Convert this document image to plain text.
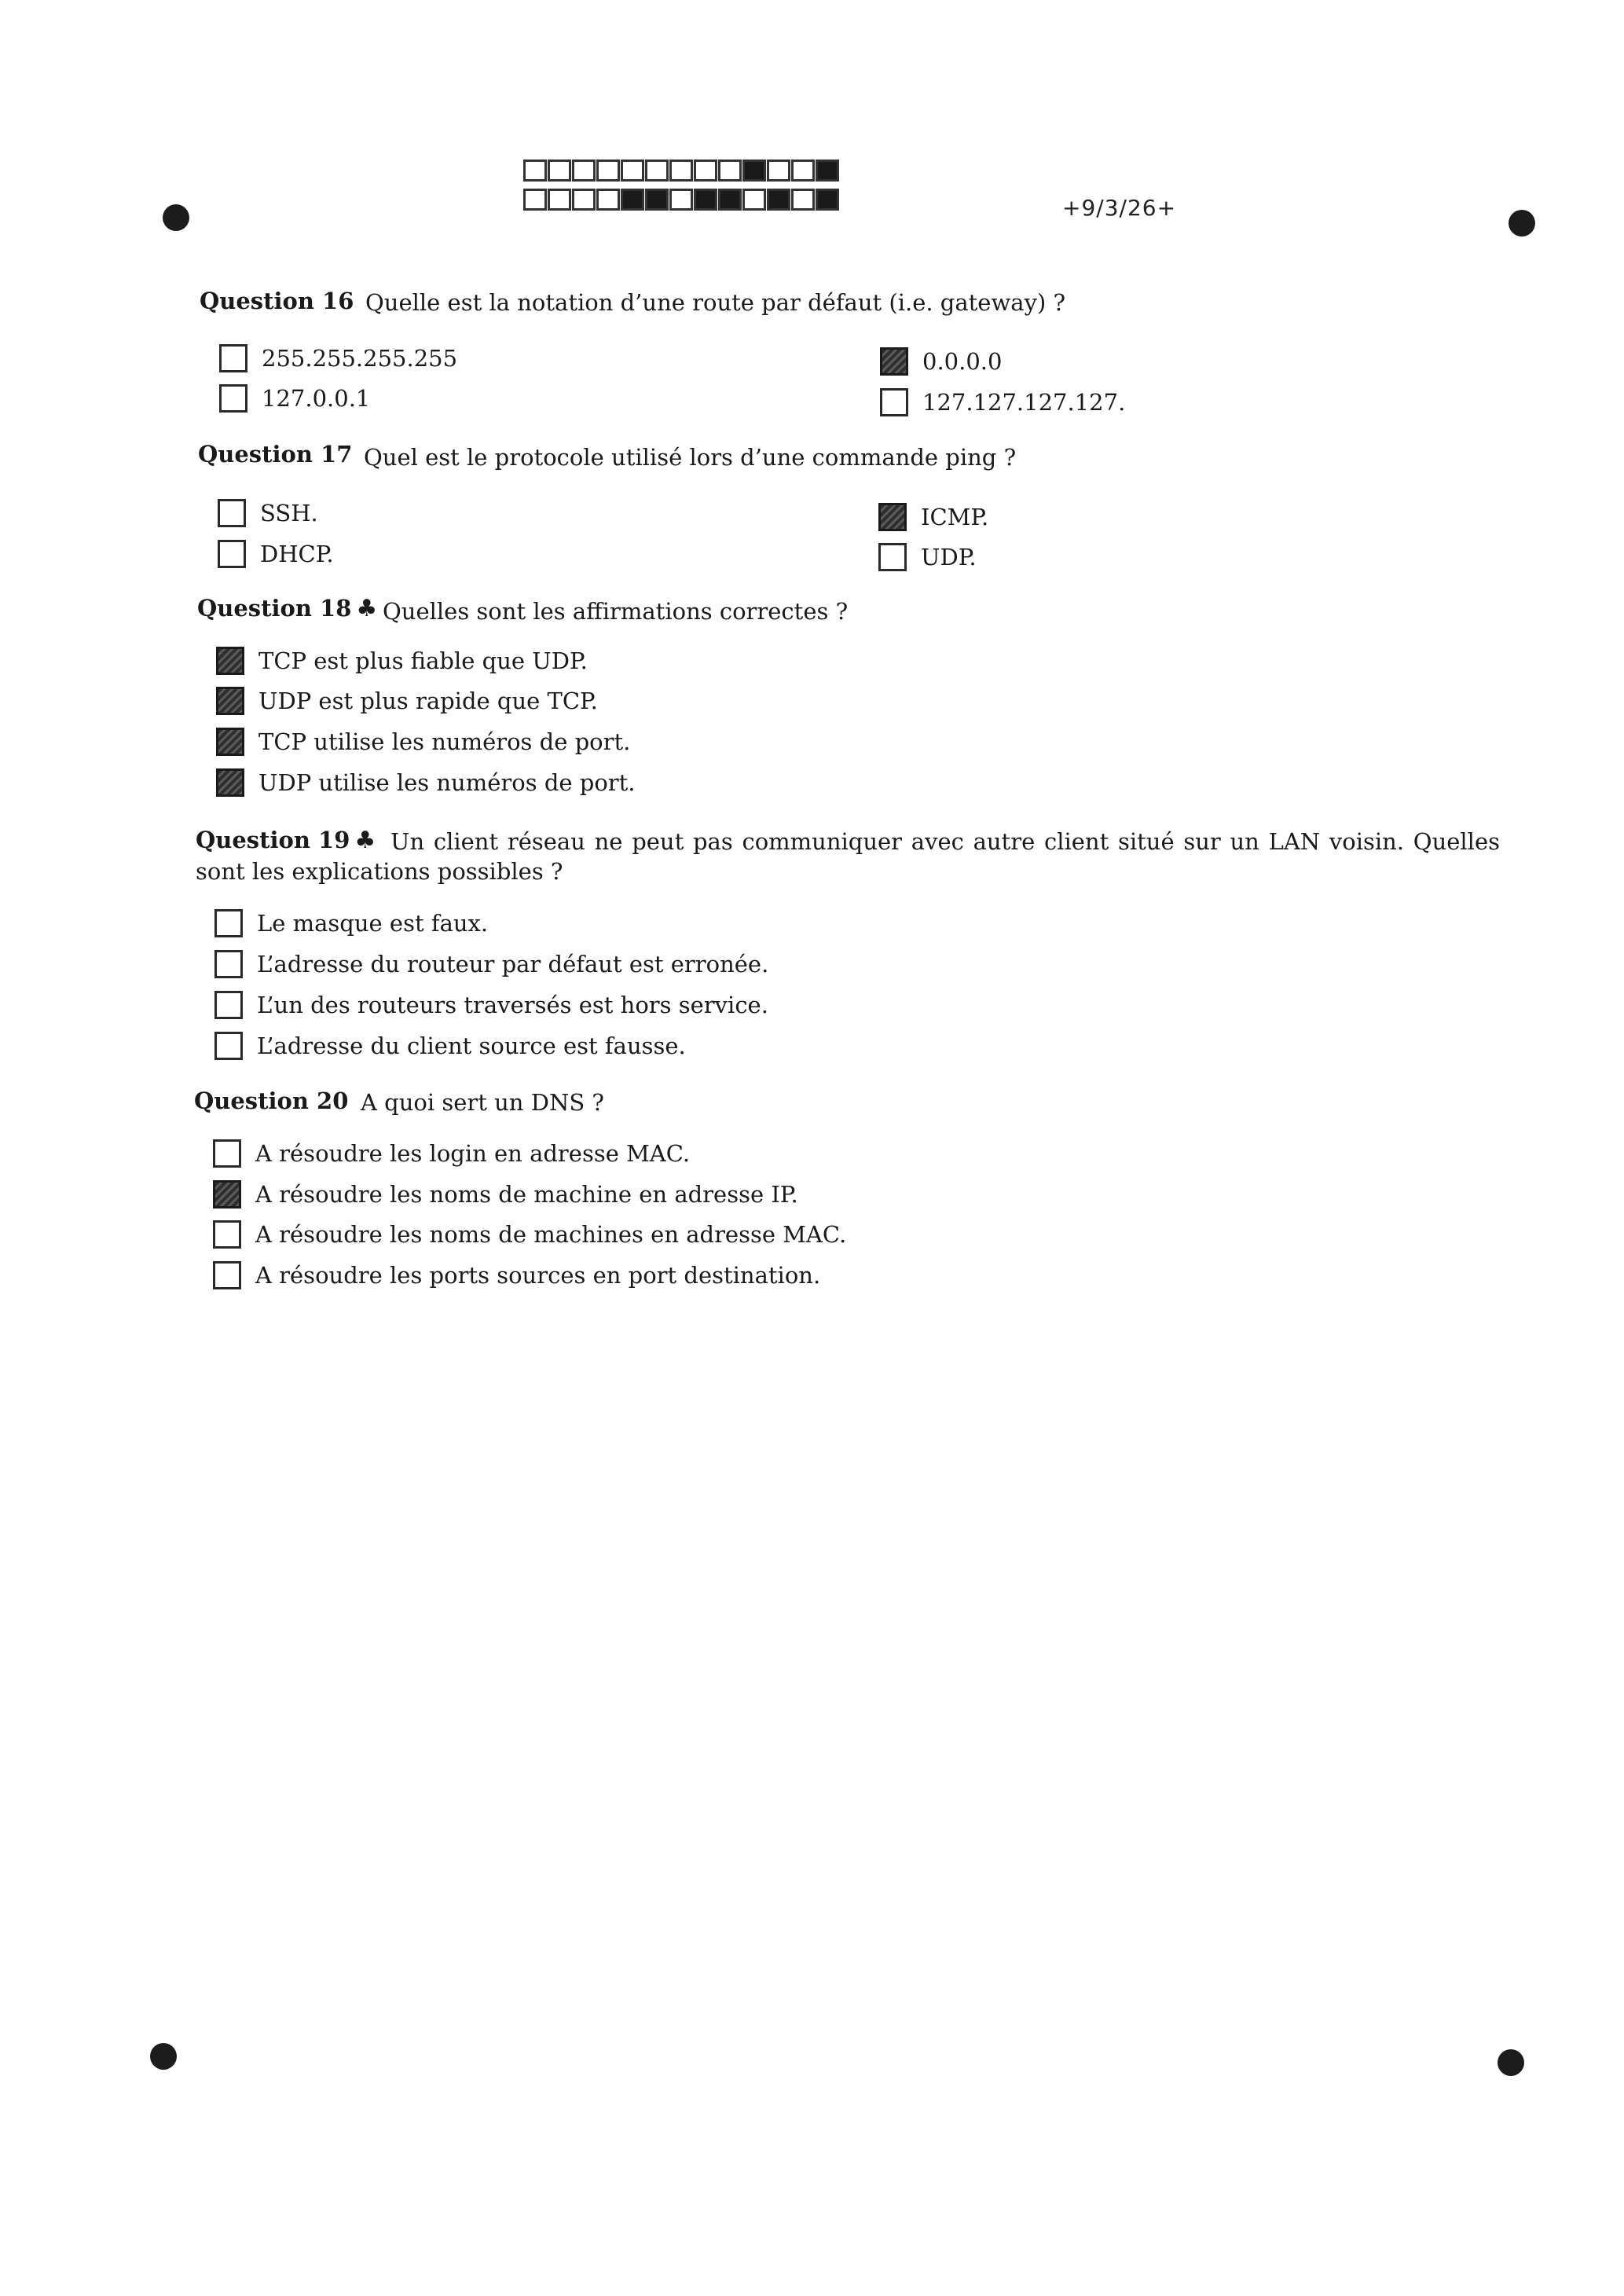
+9/3/26+
Question 16 Quelle est la notation d’une route par défaut (i.e. gateway) ?
255.255.255.255	0.0.0.0
127.0.0.1	127.127.127.127.
Question 17 Quel est le protocole utilisé lors d’une commande ping ?
SSH.	ICMP.
DHCP.	UDP.
Question 18 ♣ Quelles sont les affirmations correctes ?
TCP est plus fiable que UDP.
UDP est plus rapide que TCP.
TCP utilise les numéros de port.
UDP utilise les numéros de port.
Question 19 ♣ Un client réseau ne peut pas communiquer avec autre client situé sur un LAN voisin. Quelles sont les explications possibles ?
Le masque est faux.
L’adresse du routeur par défaut est erronée.
L’un des routeurs traversés est hors service.
L’adresse du client source est fausse.
Question 20 A quoi sert un DNS ?
A résoudre les login en adresse MAC.
A résoudre les noms de machine en adresse IP.
A résoudre les noms de machines en adresse MAC.
A résoudre les ports sources en port destination.
